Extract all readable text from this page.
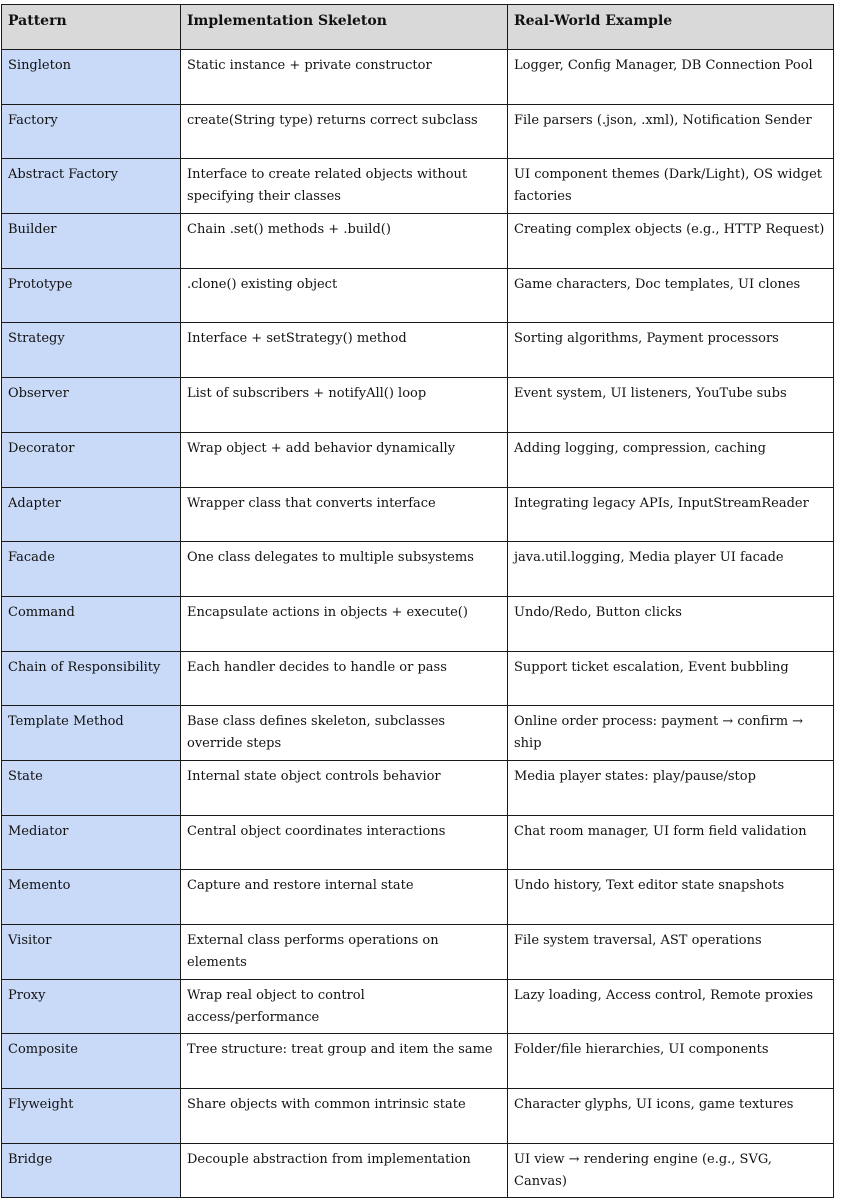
Pattern	Implementation Skeleton	Real-World Example
Singleton	Static instance + private constructor	Logger, Config Manager, DB Connection Pool
Factory	create(String type) returns correct subclass	File parsers (.json, .xml), Notification Sender
Abstract Factory	Interface to create related objects without specifying their classes	UI component themes (Dark/Light), OS widget factories
Builder	Chain .set() methods + .build()	Creating complex objects (e.g., HTTP Request)
Prototype	.clone() existing object	Game characters, Doc templates, UI clones
Strategy	Interface + setStrategy() method	Sorting algorithms, Payment processors
Observer	List of subscribers + notifyAll() loop	Event system, UI listeners, YouTube subs
Decorator	Wrap object + add behavior dynamically	Adding logging, compression, caching
Adapter	Wrapper class that converts interface	Integrating legacy APIs, InputStreamReader
Facade	One class delegates to multiple subsystems	java.util.logging, Media player UI facade
Command	Encapsulate actions in objects + execute()	Undo/Redo, Button clicks
Chain of Responsibility	Each handler decides to handle or pass	Support ticket escalation, Event bubbling
Template Method	Base class defines skeleton, subclasses override steps	Online order process: payment → confirm → ship
State	Internal state object controls behavior	Media player states: play/pause/stop
Mediator	Central object coordinates interactions	Chat room manager, UI form field validation
Memento	Capture and restore internal state	Undo history, Text editor state snapshots
Visitor	External class performs operations on elements	File system traversal, AST operations
Proxy	Wrap real object to control access/performance	Lazy loading, Access control, Remote proxies
Composite	Tree structure: treat group and item the same	Folder/file hierarchies, UI components
Flyweight	Share objects with common intrinsic state	Character glyphs, UI icons, game textures
Bridge	Decouple abstraction from implementation	UI view → rendering engine (e.g., SVG, Canvas)
